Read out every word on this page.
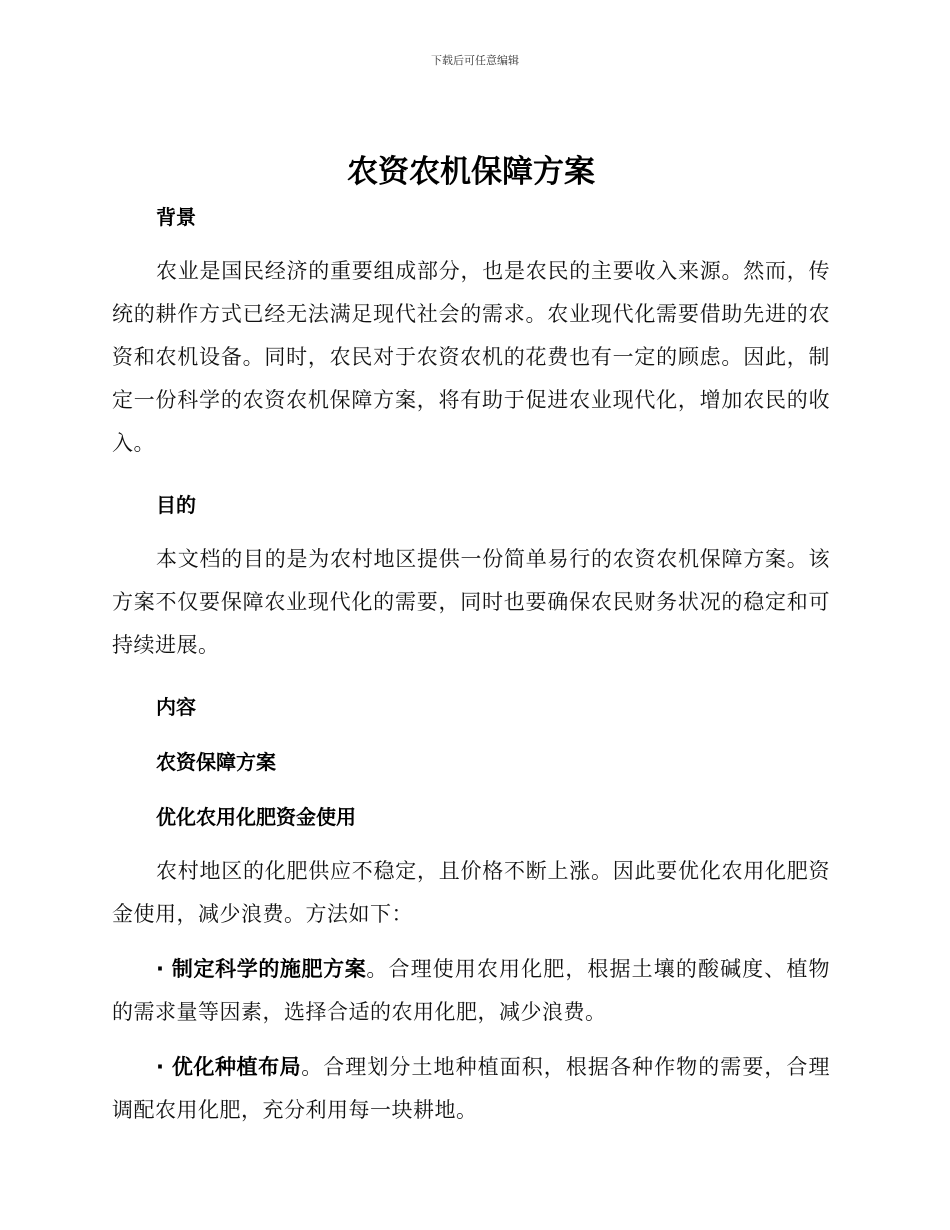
下载后可任意编辑
农资农机保障方案
背景

农业是国民经济的重要组成部分，也是农民的主要收入来源。然而，传统的耕作方式已经无法满足现代社会的需求。农业现代化需要借助先进的农资和农机设备。同时，农民对于农资农机的花费也有一定的顾虑。因此，制定一份科学的农资农机保障方案，将有助于促进农业现代化，增加农民的收入。

目的

本文档的目的是为农村地区提供一份简单易行的农资农机保障方案。该方案不仅要保障农业现代化的需要，同时也要确保农民财务状况的稳定和可持续进展。

内容
农资保障方案
优化农用化肥资金使用

农村地区的化肥供应不稳定，且价格不断上涨。因此要优化农用化肥资金使用，减少浪费。方法如下：

· 制定科学的施肥方案。合理使用农用化肥，根据土壤的酸碱度、植物的需求量等因素，选择合适的农用化肥，减少浪费。

· 优化种植布局。合理划分土地种植面积，根据各种作物的需要，合理调配农用化肥，充分利用每一块耕地。
